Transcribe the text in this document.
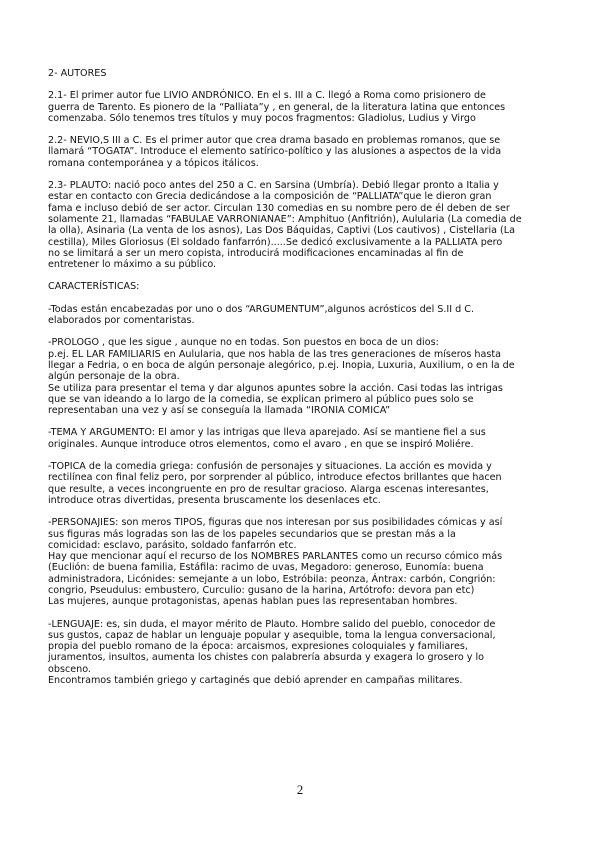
2- AUTORES
2.1- El primer autor fue LIVIO ANDRÓNICO. En el s. III a C. llegó a Roma como prisionero de
guerra de Tarento. Es pionero de la “Palliata”y , en general, de la literatura latina que entonces
comenzaba. Sólo tenemos tres títulos y muy pocos fragmentos: Gladiolus, Ludius y Virgo
2.2- NEVIO,S III a C. Es el primer autor que crea drama basado en problemas romanos, que se
llamará “TOGATA”. Introduce el elemento satírico-político y las alusiones a aspectos de la vida
romana contemporánea y a tópicos itálicos.
2.3- PLAUTO: nació poco antes del 250 a C. en Sarsina (Umbría). Debió llegar pronto a Italia y
estar en contacto con Grecia dedicándose a la composición de “PALLIATA”que le dieron gran
fama e incluso debió de ser actor. Circulan 130 comedias en su nombre pero de él deben de ser
solamente 21, llamadas “FABULAE VARRONIANAE”: Amphituo (Anfitrión), Aulularia (La comedia de
la olla), Asinaria (La venta de los asnos), Las Dos Báquidas, Captivi (Los cautivos) , Cistellaria (La
cestilla), Miles Gloriosus (El soldado fanfarrón).....Se dedicó exclusivamente a la PALLIATA pero
no se limitará a ser un mero copista, introducirá modificaciones encaminadas al fin de
entretener lo máximo a su público.
CARACTERÍSTICAS:
-Todas están encabezadas por uno o dos “ARGUMENTUM”,algunos acrósticos del S.II d C.
elaborados por comentaristas.
-PROLOGO , que les sigue , aunque no en todas. Son puestos en boca de un dios:
p.ej. EL LAR FAMILIARIS en Aulularia, que nos habla de las tres generaciones de míseros hasta
llegar a Fedria, o en boca de algún personaje alegórico, p.ej. Inopia, Luxuria, Auxilium, o en la de
algún personaje de la obra.
Se utiliza para presentar el tema y dar algunos apuntes sobre la acción. Casi todas las intrigas
que se van ideando a lo largo de la comedia, se explican primero al público pues solo se
representaban una vez y así se conseguía la llamada “IRONIA COMICA”
-TEMA Y ARGUMENTO: El amor y las intrigas que lleva aparejado. Así se mantiene fiel a sus
originales. Aunque introduce otros elementos, como el avaro , en que se inspiró Moliére.
-TOPICA de la comedia griega: confusión de personajes y situaciones. La acción es movida y
rectilínea con final feliz pero, por sorprender al público, introduce efectos brillantes que hacen
que resulte, a veces incongruente en pro de resultar gracioso. Alarga escenas interesantes,
introduce otras divertidas, presenta bruscamente los desenlaces etc.
-PERSONAJIES: son meros TIPOS, figuras que nos interesan por sus posibilidades cómicas y así
sus figuras más logradas son las de los papeles secundarios que se prestan más a la
comicidad: esclavo, parásito, soldado fanfarrón etc.
Hay que mencionar aquí el recurso de los NOMBRES PARLANTES como un recurso cómico más
(Euclión: de buena familia, Estáfila: racimo de uvas, Megadoro: generoso, Eunomía: buena
administradora, Licónides: semejante a un lobo, Estróbila: peonza, Ántrax: carbón, Congrión:
congrio, Pseudulus: embustero, Curculio: gusano de la harina, Artótrofo: devora pan etc)
Las mujeres, aunque protagonistas, apenas hablan pues las representaban hombres.
-LENGUAJE: es, sin duda, el mayor mérito de Plauto. Hombre salido del pueblo, conocedor de
sus gustos, capaz de hablar un lenguaje popular y asequible, toma la lengua conversacional,
propia del pueblo romano de la época: arcaismos, expresiones coloquiales y familiares,
juramentos, insultos, aumenta los chistes con palabrería absurda y exagera lo grosero y lo
obsceno.
Encontramos también griego y cartaginés que debió aprender en campañas militares.
2
